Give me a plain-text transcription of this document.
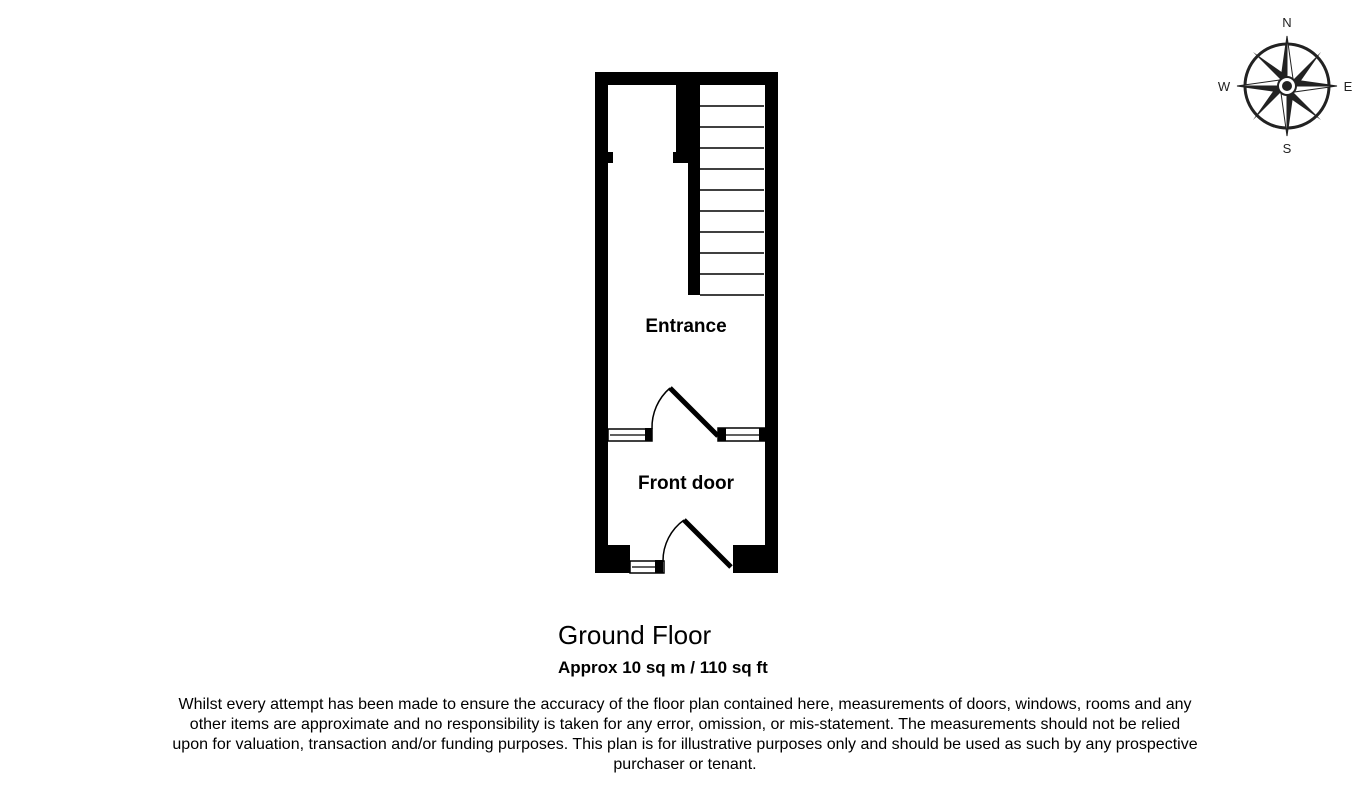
Entrance
Front door
N
S
E
W
Ground Floor
Approx 10 sq m / 110 sq ft
Whilst every attempt has been made to ensure the accuracy of the floor plan contained here, measurements of doors, windows, rooms and any other items are approximate and no responsibility is taken for any error, omission, or mis-statement. The measurements should not be relied upon for valuation, transaction and/or funding purposes. This plan is for illustrative purposes only and should be used as such by any prospective purchaser or tenant.
